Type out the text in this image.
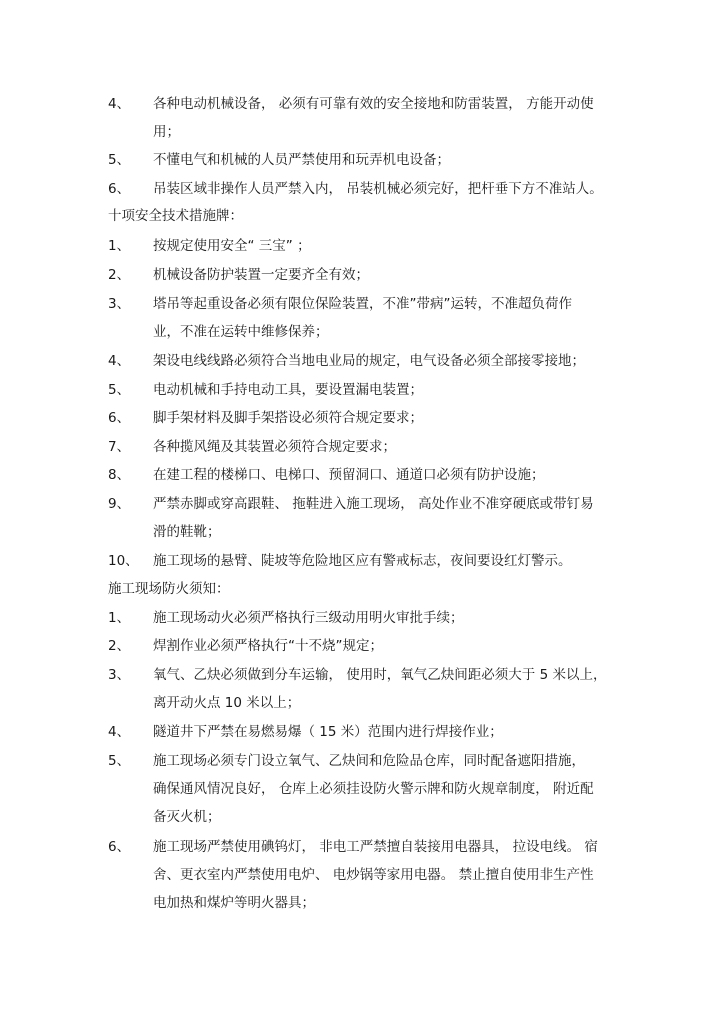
4、 各种电动机械设备， 必须有可靠有效的安全接地和防雷装置， 方能开动使
用；
5、 不懂电气和机械的人员严禁使用和玩弄机电设备；
6、 吊装区域非操作人员严禁入内， 吊装机械必须完好，把杆垂下方不准站人。
十项安全技术措施牌：
1、 按规定使用安全“ 三宝” ；
2、 机械设备防护装置一定要齐全有效；
3、 塔吊等起重设备必须有限位保险装置，不准”带病”运转，不准超负荷作
业，不准在运转中维修保养；
4、 架设电线线路必须符合当地电业局的规定，电气设备必须全部接零接地；
5、 电动机械和手持电动工具，要设置漏电装置；
6、 脚手架材料及脚手架搭设必须符合规定要求；
7、 各种揽风绳及其装置必须符合规定要求；
8、 在建工程的楼梯口、电梯口、预留洞口、通道口必须有防护设施；
9、 严禁赤脚或穿高跟鞋、 拖鞋进入施工现场， 高处作业不准穿硬底或带钉易
滑的鞋靴；
10、 施工现场的悬臂、陡坡等危险地区应有警戒标志，夜间要设红灯警示。
施工现场防火须知：
1、 施工现场动火必须严格执行三级动用明火审批手续；
2、 焊割作业必须严格执行“十不烧”规定；
3、 氧气、乙炔必须做到分车运输， 使用时，氧气乙炔间距必须大于 5 米以上，
离开动火点 10 米以上；
4、 隧道井下严禁在易燃易爆（ 15 米）范围内进行焊接作业；
5、 施工现场必须专门设立氧气、乙炔间和危险品仓库，同时配备遮阳措施，
确保通风情况良好， 仓库上必须挂设防火警示牌和防火规章制度， 附近配
备灭火机；
6、 施工现场严禁使用碘钨灯， 非电工严禁擅自装接用电器具， 拉设电线。 宿
舍、更衣室内严禁使用电炉、 电炒锅等家用电器。 禁止擅自使用非生产性
电加热和煤炉等明火器具；
